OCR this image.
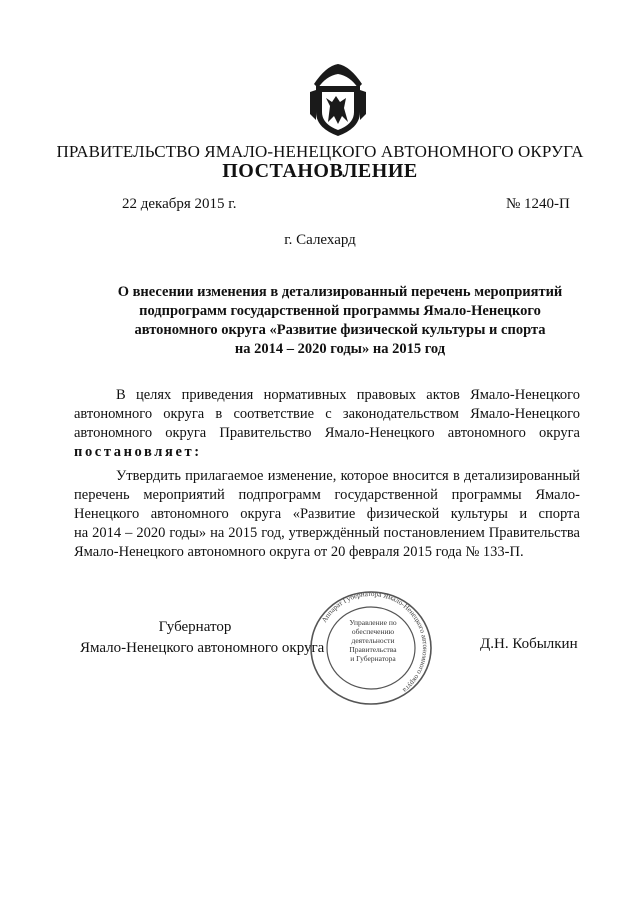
ПРАВИТЕЛЬСТВО ЯМАЛО-НЕНЕЦКОГО АВТОНОМНОГО ОКРУГА
ПОСТАНОВЛЕНИЕ
22 декабря 2015 г.	№ 1240-П
г. Салехард
О внесении изменения в детализированный перечень мероприятий
подпрограмм государственной программы Ямало-Ненецкого
автономного округа «Развитие физической культуры и спорта
на 2014 – 2020 годы» на 2015 год
В целях приведения нормативных правовых актов Ямало-Ненецкого
автономного округа в соответствие с законодательством Ямало-Ненецкого
автономного округа Правительство Ямало-Ненецкого автономного округа
постановляет:
Утвердить прилагаемое изменение, которое вносится в детализированный
перечень мероприятий подпрограмм государственной программы Ямало-
Ненецкого автономного округа «Развитие физической культуры и спорта
на 2014 – 2020 годы» на 2015 год, утверждённый постановлением Правительства
Ямало-Ненецкого автономного округа от 20 февраля 2015 года № 133-П.
Губернатор
Ямало-Ненецкого автономного округа	Д.Н. Кобылкин
Аппарат Губернатора Ямало-Ненецкого автономного округа
Управление по
обеспечению
деятельности
Правительства
и Губернатора
